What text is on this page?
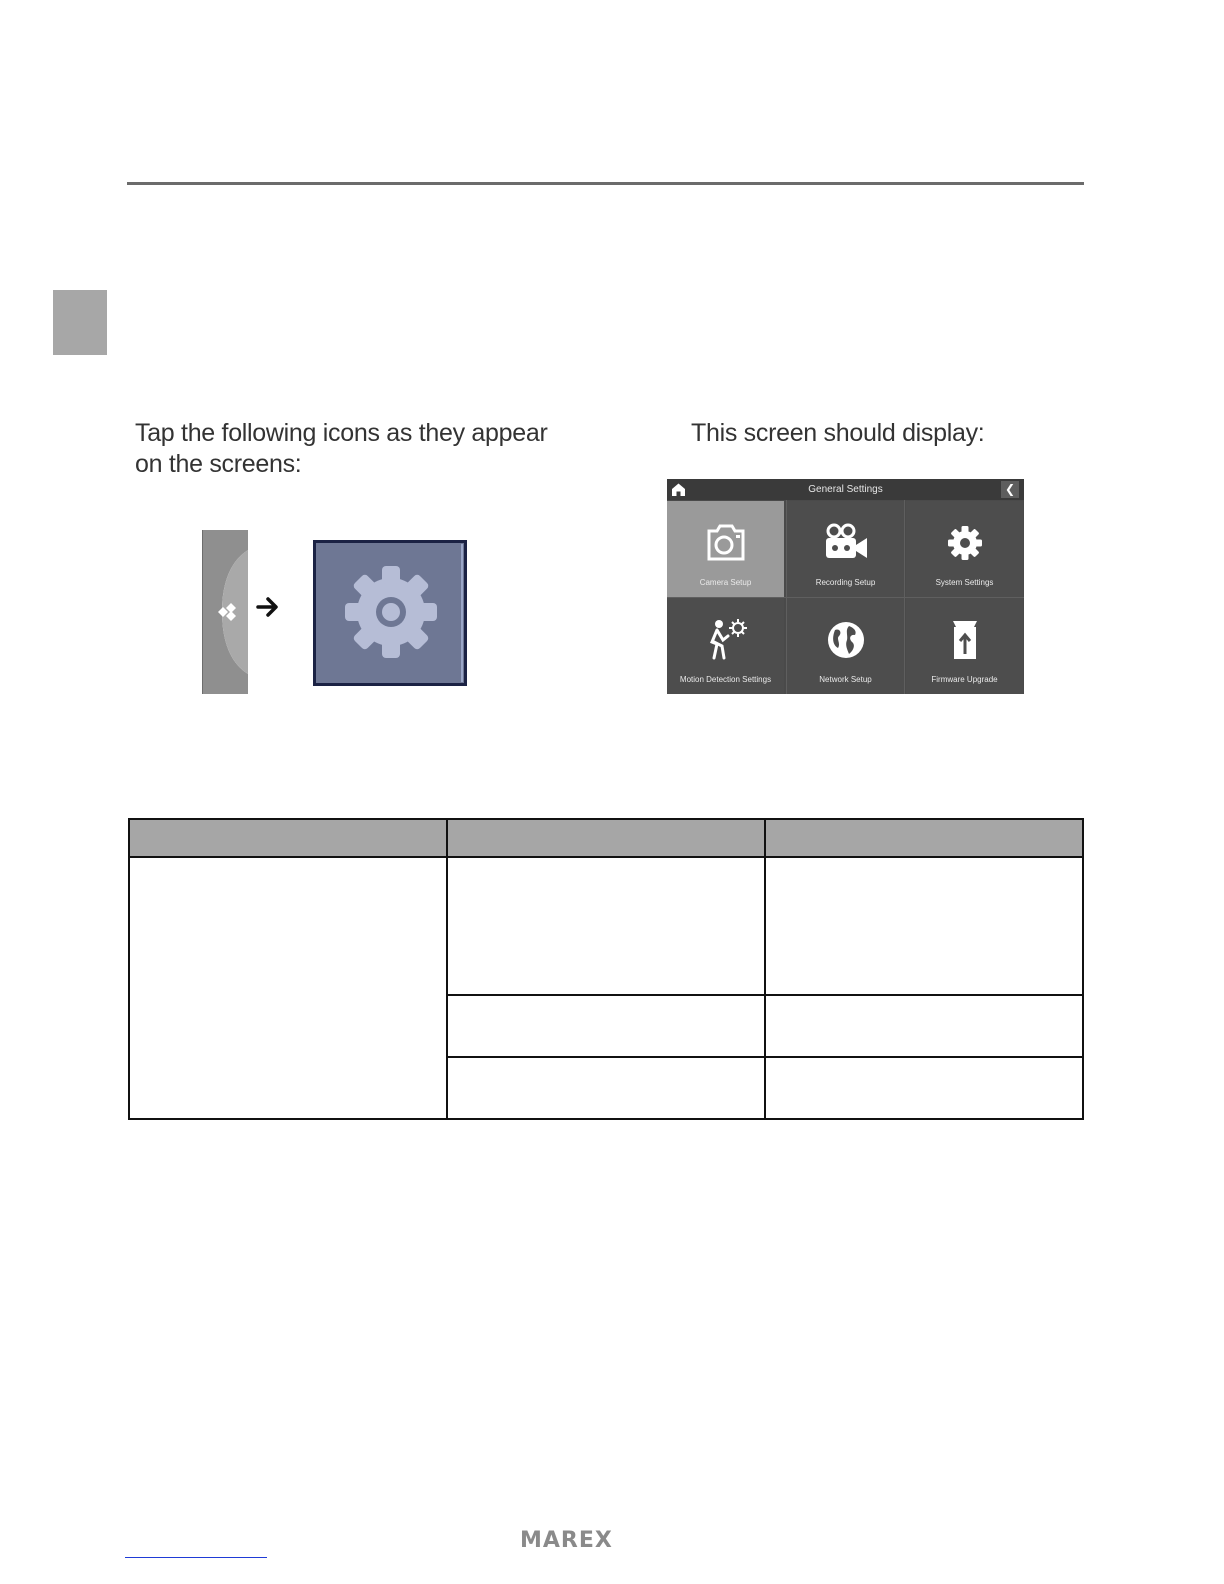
Tap the following icons as they appear on the screens:
This screen should display:
General Settings	❮
Camera Setup	Recording Setup	System Settings
Motion Detection Settings	Network Setup	Firmware Upgrade
MAREX
